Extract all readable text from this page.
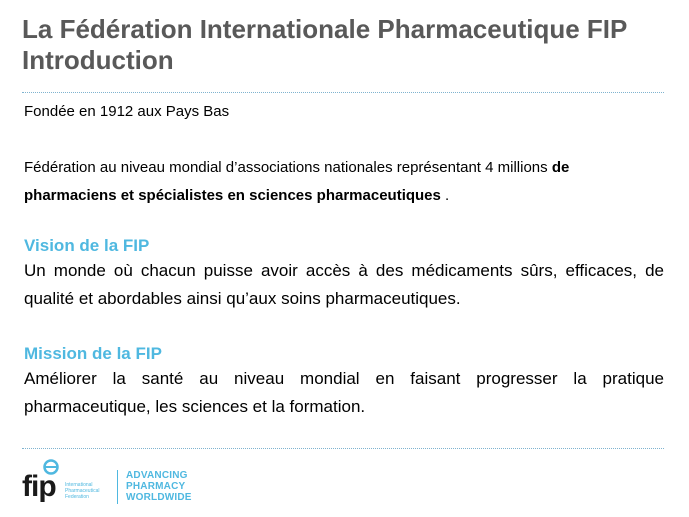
La Fédération Internationale Pharmaceutique FIP
Introduction
Fondée en 1912 aux Pays Bas
Fédération au niveau mondial d’associations nationales représentant 4 millions de pharmaciens et spécialistes en sciences pharmaceutiques .
Vision de la FIP
Un monde où chacun puisse avoir accès à des médicaments sûrs, efficaces, de qualité et abordables ainsi qu’aux soins pharmaceutiques.
Mission de la FIP
Améliorer la santé au niveau mondial en faisant progresser la pratique pharmaceutique, les sciences et la formation.
fip International
Pharmaceutical
Federation
ADVANCING
PHARMACY
WORLDWIDE
